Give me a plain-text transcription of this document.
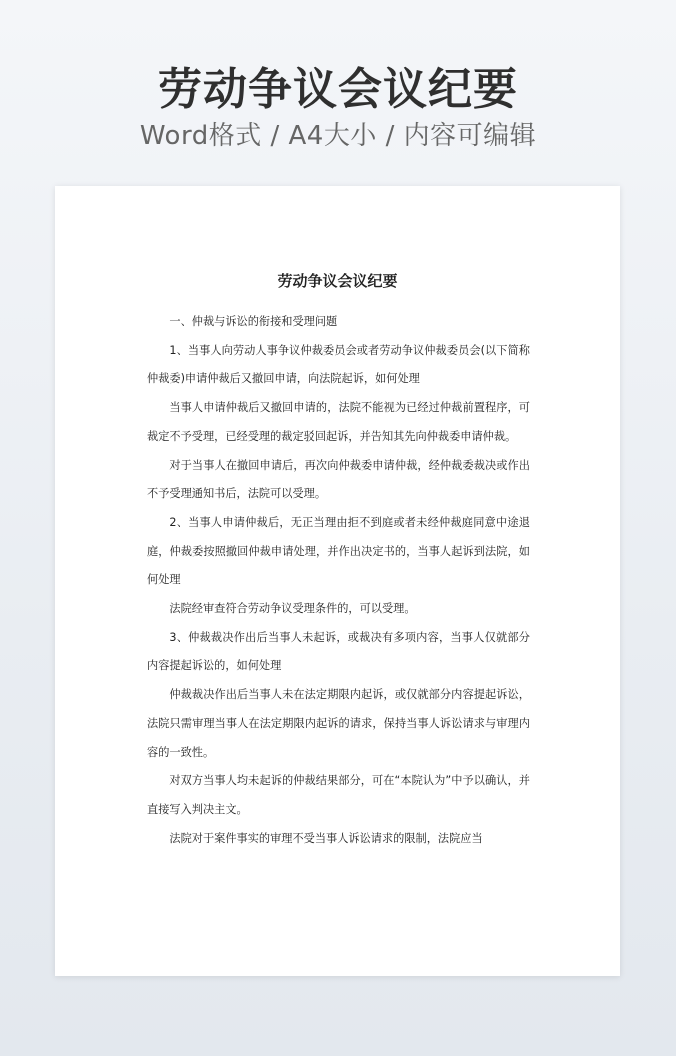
劳动争议会议纪要
Word格式 / A4大小 / 内容可编辑
劳动争议会议纪要

一、仲裁与诉讼的衔接和受理问题

1、当事人向劳动人事争议仲裁委员会或者劳动争议仲裁委员会(以下简称仲裁委)申请仲裁后又撤回申请，向法院起诉，如何处理

当事人申请仲裁后又撤回申请的，法院不能视为已经过仲裁前置程序，可裁定不予受理，已经受理的裁定驳回起诉，并告知其先向仲裁委申请仲裁。

对于当事人在撤回申请后，再次向仲裁委申请仲裁，经仲裁委裁决或作出不予受理通知书后，法院可以受理。

2、当事人申请仲裁后，无正当理由拒不到庭或者未经仲裁庭同意中途退庭，仲裁委按照撤回仲裁申请处理，并作出决定书的，当事人起诉到法院，如何处理

法院经审查符合劳动争议受理条件的，可以受理。

3、仲裁裁决作出后当事人未起诉，或裁决有多项内容，当事人仅就部分内容提起诉讼的，如何处理

仲裁裁决作出后当事人未在法定期限内起诉，或仅就部分内容提起诉讼，法院只需审理当事人在法定期限内起诉的请求，保持当事人诉讼请求与审理内容的一致性。

对双方当事人均未起诉的仲裁结果部分，可在“本院认为”中予以确认，并直接写入判决主文。

法院对于案件事实的审理不受当事人诉讼请求的限制，法院应当
